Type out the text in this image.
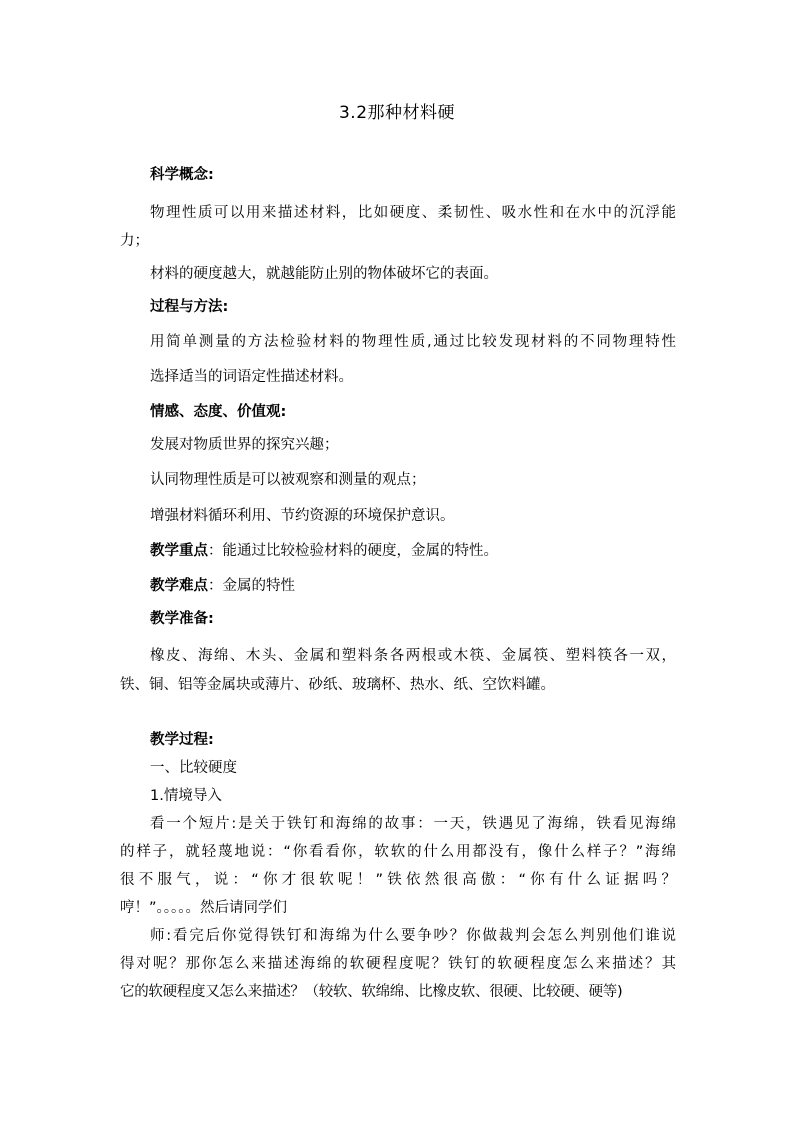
3.2那种材料硬
科学概念:
物理性质可以用来描述材料，比如硬度、柔韧性、吸水性和在水中的沉浮能
力；
材料的硬度越大，就越能防止别的物体破坏它的表面。
过程与方法:
用简单测量的方法检验材料的物理性质,通过比较发现材料的不同物理特性
选择适当的词语定性描述材料。
情感、态度、价值观:
发展对物质世界的探究兴趣；
认同物理性质是可以被观察和测量的观点；
增强材料循环利用、节约资源的环境保护意识。
教学重点：能通过比较检验材料的硬度，金属的特性。
教学难点：金属的特性
教学准备:
橡皮、海绵、木头、金属和塑料条各两根或木筷、金属筷、塑料筷各一双，
铁、铜、铝等金属块或薄片、砂纸、玻璃杯、热水、纸、空饮料罐。
教学过程:
一、比较硬度
1.情境导入
看一个短片:是关于铁钉和海绵的故事：一天，铁遇见了海绵，铁看见海绵
的样子，就轻蔑地说：“你看看你，软软的什么用都没有，像什么样子？”海绵
很不服气，说：“你才很软呢！”铁依然很高傲：“你有什么证据吗？
哼！”。。。。。然后请同学们
师:看完后你觉得铁钉和海绵为什么要争吵？你做裁判会怎么判别他们谁说
得对呢？那你怎么来描述海绵的软硬程度呢？铁钉的软硬程度怎么来描述？其
它的软硬程度又怎么来描述？（较软、软绵绵、比橡皮软、很硬、比较硬、硬等)
